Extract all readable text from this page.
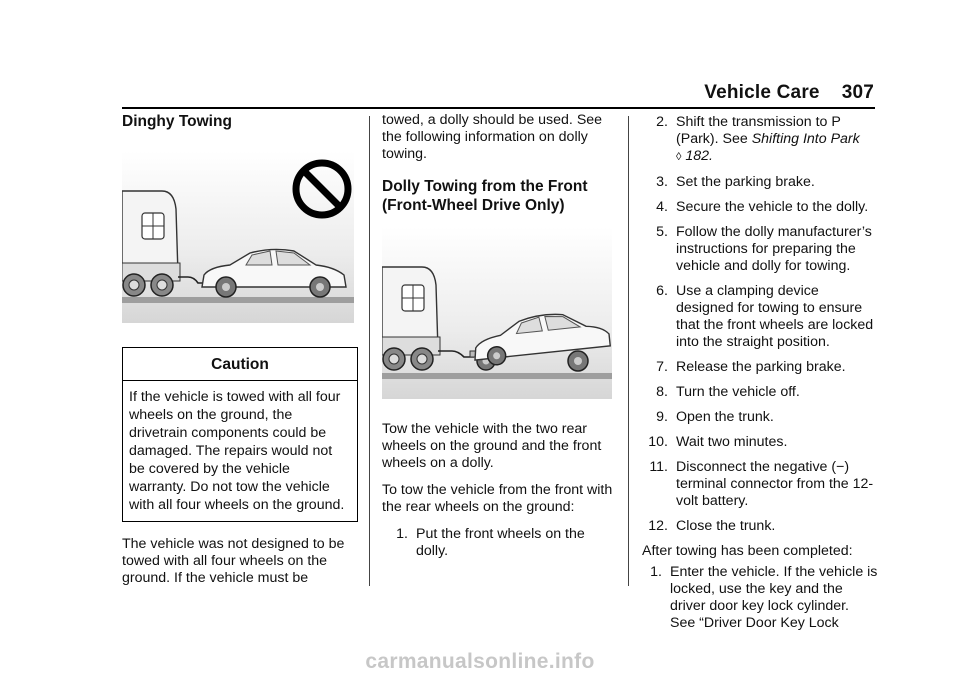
Vehicle Care 307
Dinghy Towing
Caution
If the vehicle is towed with all four wheels on the ground, the drivetrain components could be damaged. The repairs would not be covered by the vehicle warranty. Do not tow the vehicle with all four wheels on the ground.

The vehicle was not designed to be towed with all four wheels on the ground. If the vehicle must be

towed, a dolly should be used. See the following information on dolly towing.

Dolly Towing from the Front (Front-Wheel Drive Only)

Tow the vehicle with the two rear wheels on the ground and the front wheels on a dolly.

To tow the vehicle from the front with the rear wheels on the ground:

1. Put the front wheels on the dolly.
2. Shift the transmission to P (Park). See Shifting Into Park
◊ 182.
3. Set the parking brake.
4. Secure the vehicle to the dolly.
5. Follow the dolly manufacturer’s instructions for preparing the vehicle and dolly for towing.
6. Use a clamping device designed for towing to ensure that the front wheels are locked into the straight position.
7. Release the parking brake.
8. Turn the vehicle off.
9. Open the trunk.
10. Wait two minutes.
11. Disconnect the negative (−) terminal connector from the 12-volt battery.
12. Close the trunk.

After towing has been completed:

1. Enter the vehicle. If the vehicle is locked, use the key and the driver door key lock cylinder. See “Driver Door Key Lock
carmanualsonline.info
